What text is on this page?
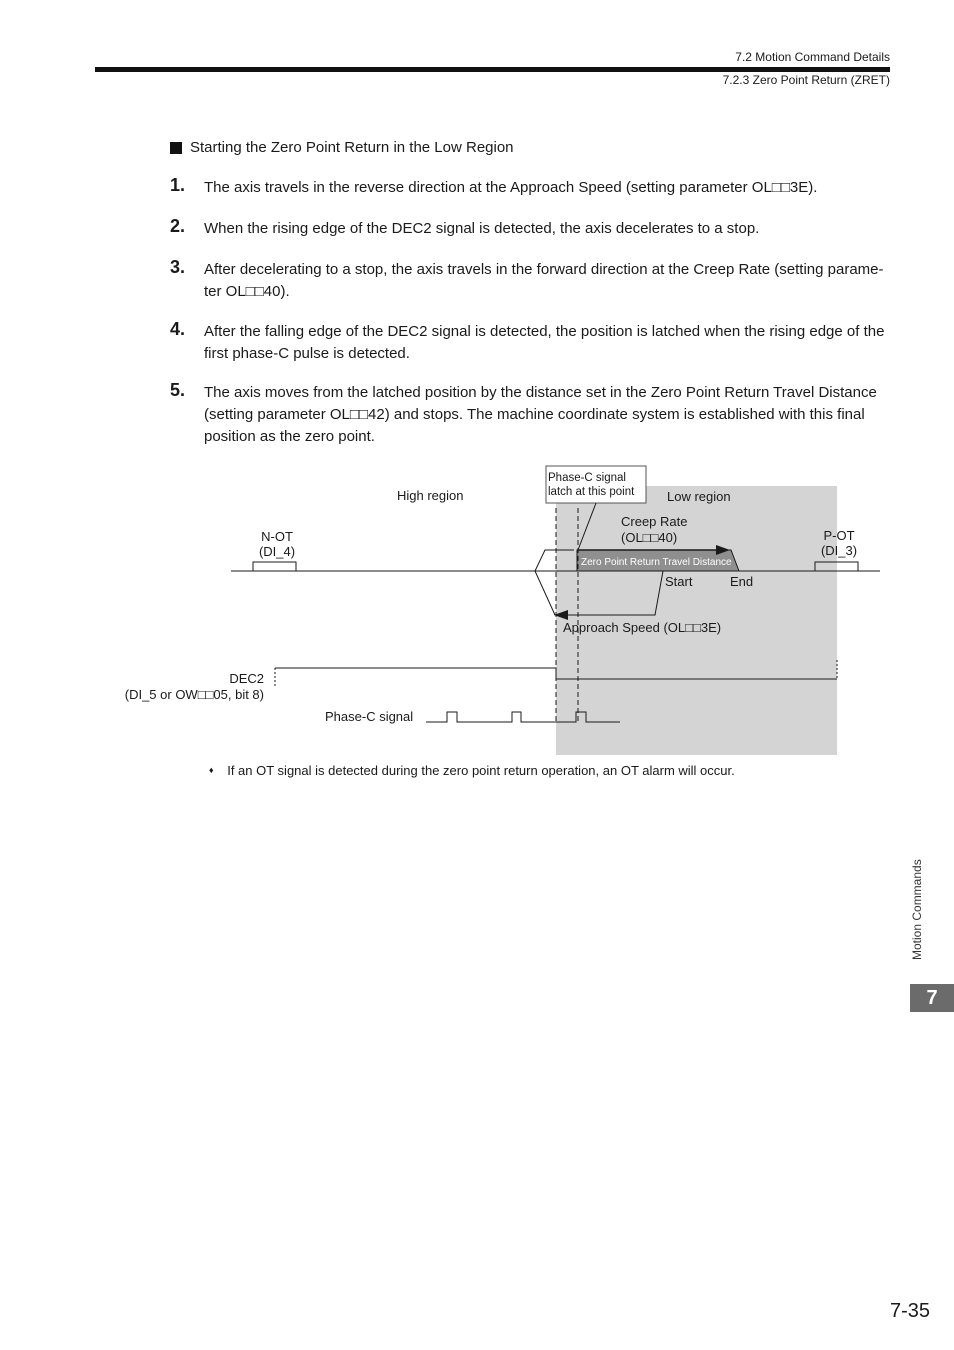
7.2 Motion Command Details
7.2.3 Zero Point Return (ZRET)
Starting the Zero Point Return in the Low Region
1. The axis travels in the reverse direction at the Approach Speed (setting parameter OL□□3E).
2. When the rising edge of the DEC2 signal is detected, the axis decelerates to a stop.
3. After decelerating to a stop, the axis travels in the forward direction at the Creep Rate (setting parame-ter OL□□40).
4. After the falling edge of the DEC2 signal is detected, the position is latched when the rising edge of the first phase-C pulse is detected.
5. The axis moves from the latched position by the distance set in the Zero Point Return Travel Distance (setting parameter OL□□42) and stops. The machine coordinate system is established with this final position as the zero point.
High region	Low region
Phase-C signal
latch at this point
Creep Rate
(OL□□40)
N-OT
(DI_4)
P-OT
(DI_3)
Zero Point Return Travel Distance
Start	End
Approach Speed (OL□□3E)
DEC2
(DI_5 or OW□□05, bit 8)
Phase-C signal
♦ If an OT signal is detected during the zero point return operation, an OT alarm will occur.
Motion Commands
7
7-35
